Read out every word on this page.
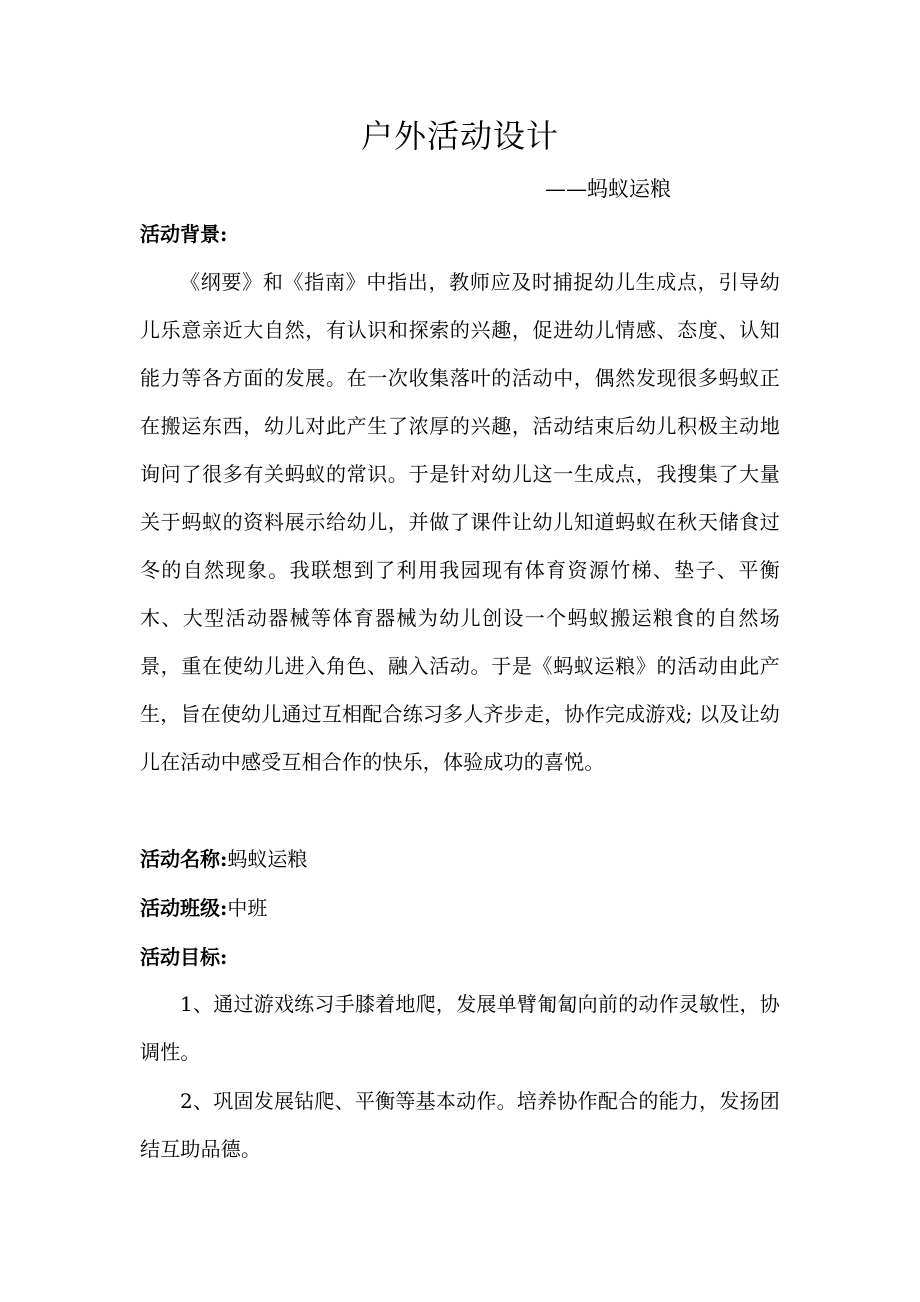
户外活动设计
——蚂蚁运粮
活动背景:
《纲要》和《指南》中指出，教师应及时捕捉幼儿生成点，引导幼儿乐意亲近大自然，有认识和探索的兴趣，促进幼儿情感、态度、认知能力等各方面的发展。在一次收集落叶的活动中，偶然发现很多蚂蚁正在搬运东西，幼儿对此产生了浓厚的兴趣，活动结束后幼儿积极主动地询问了很多有关蚂蚁的常识。于是针对幼儿这一生成点，我搜集了大量关于蚂蚁的资料展示给幼儿，并做了课件让幼儿知道蚂蚁在秋天储食过冬的自然现象。我联想到了利用我园现有体育资源竹梯、垫子、平衡木、大型活动器械等体育器械为幼儿创设一个蚂蚁搬运粮食的自然场景，重在使幼儿进入角色、融入活动。于是《蚂蚁运粮》的活动由此产生，旨在使幼儿通过互相配合练习多人齐步走，协作完成游戏; 以及让幼儿在活动中感受互相合作的快乐，体验成功的喜悦。
活动名称:蚂蚁运粮
活动班级:中班
活动目标:
1、通过游戏练习手膝着地爬，发展单臂匍匐向前的动作灵敏性，协调性。
2、巩固发展钻爬、平衡等基本动作。培养协作配合的能力，发扬团结互助品德。
